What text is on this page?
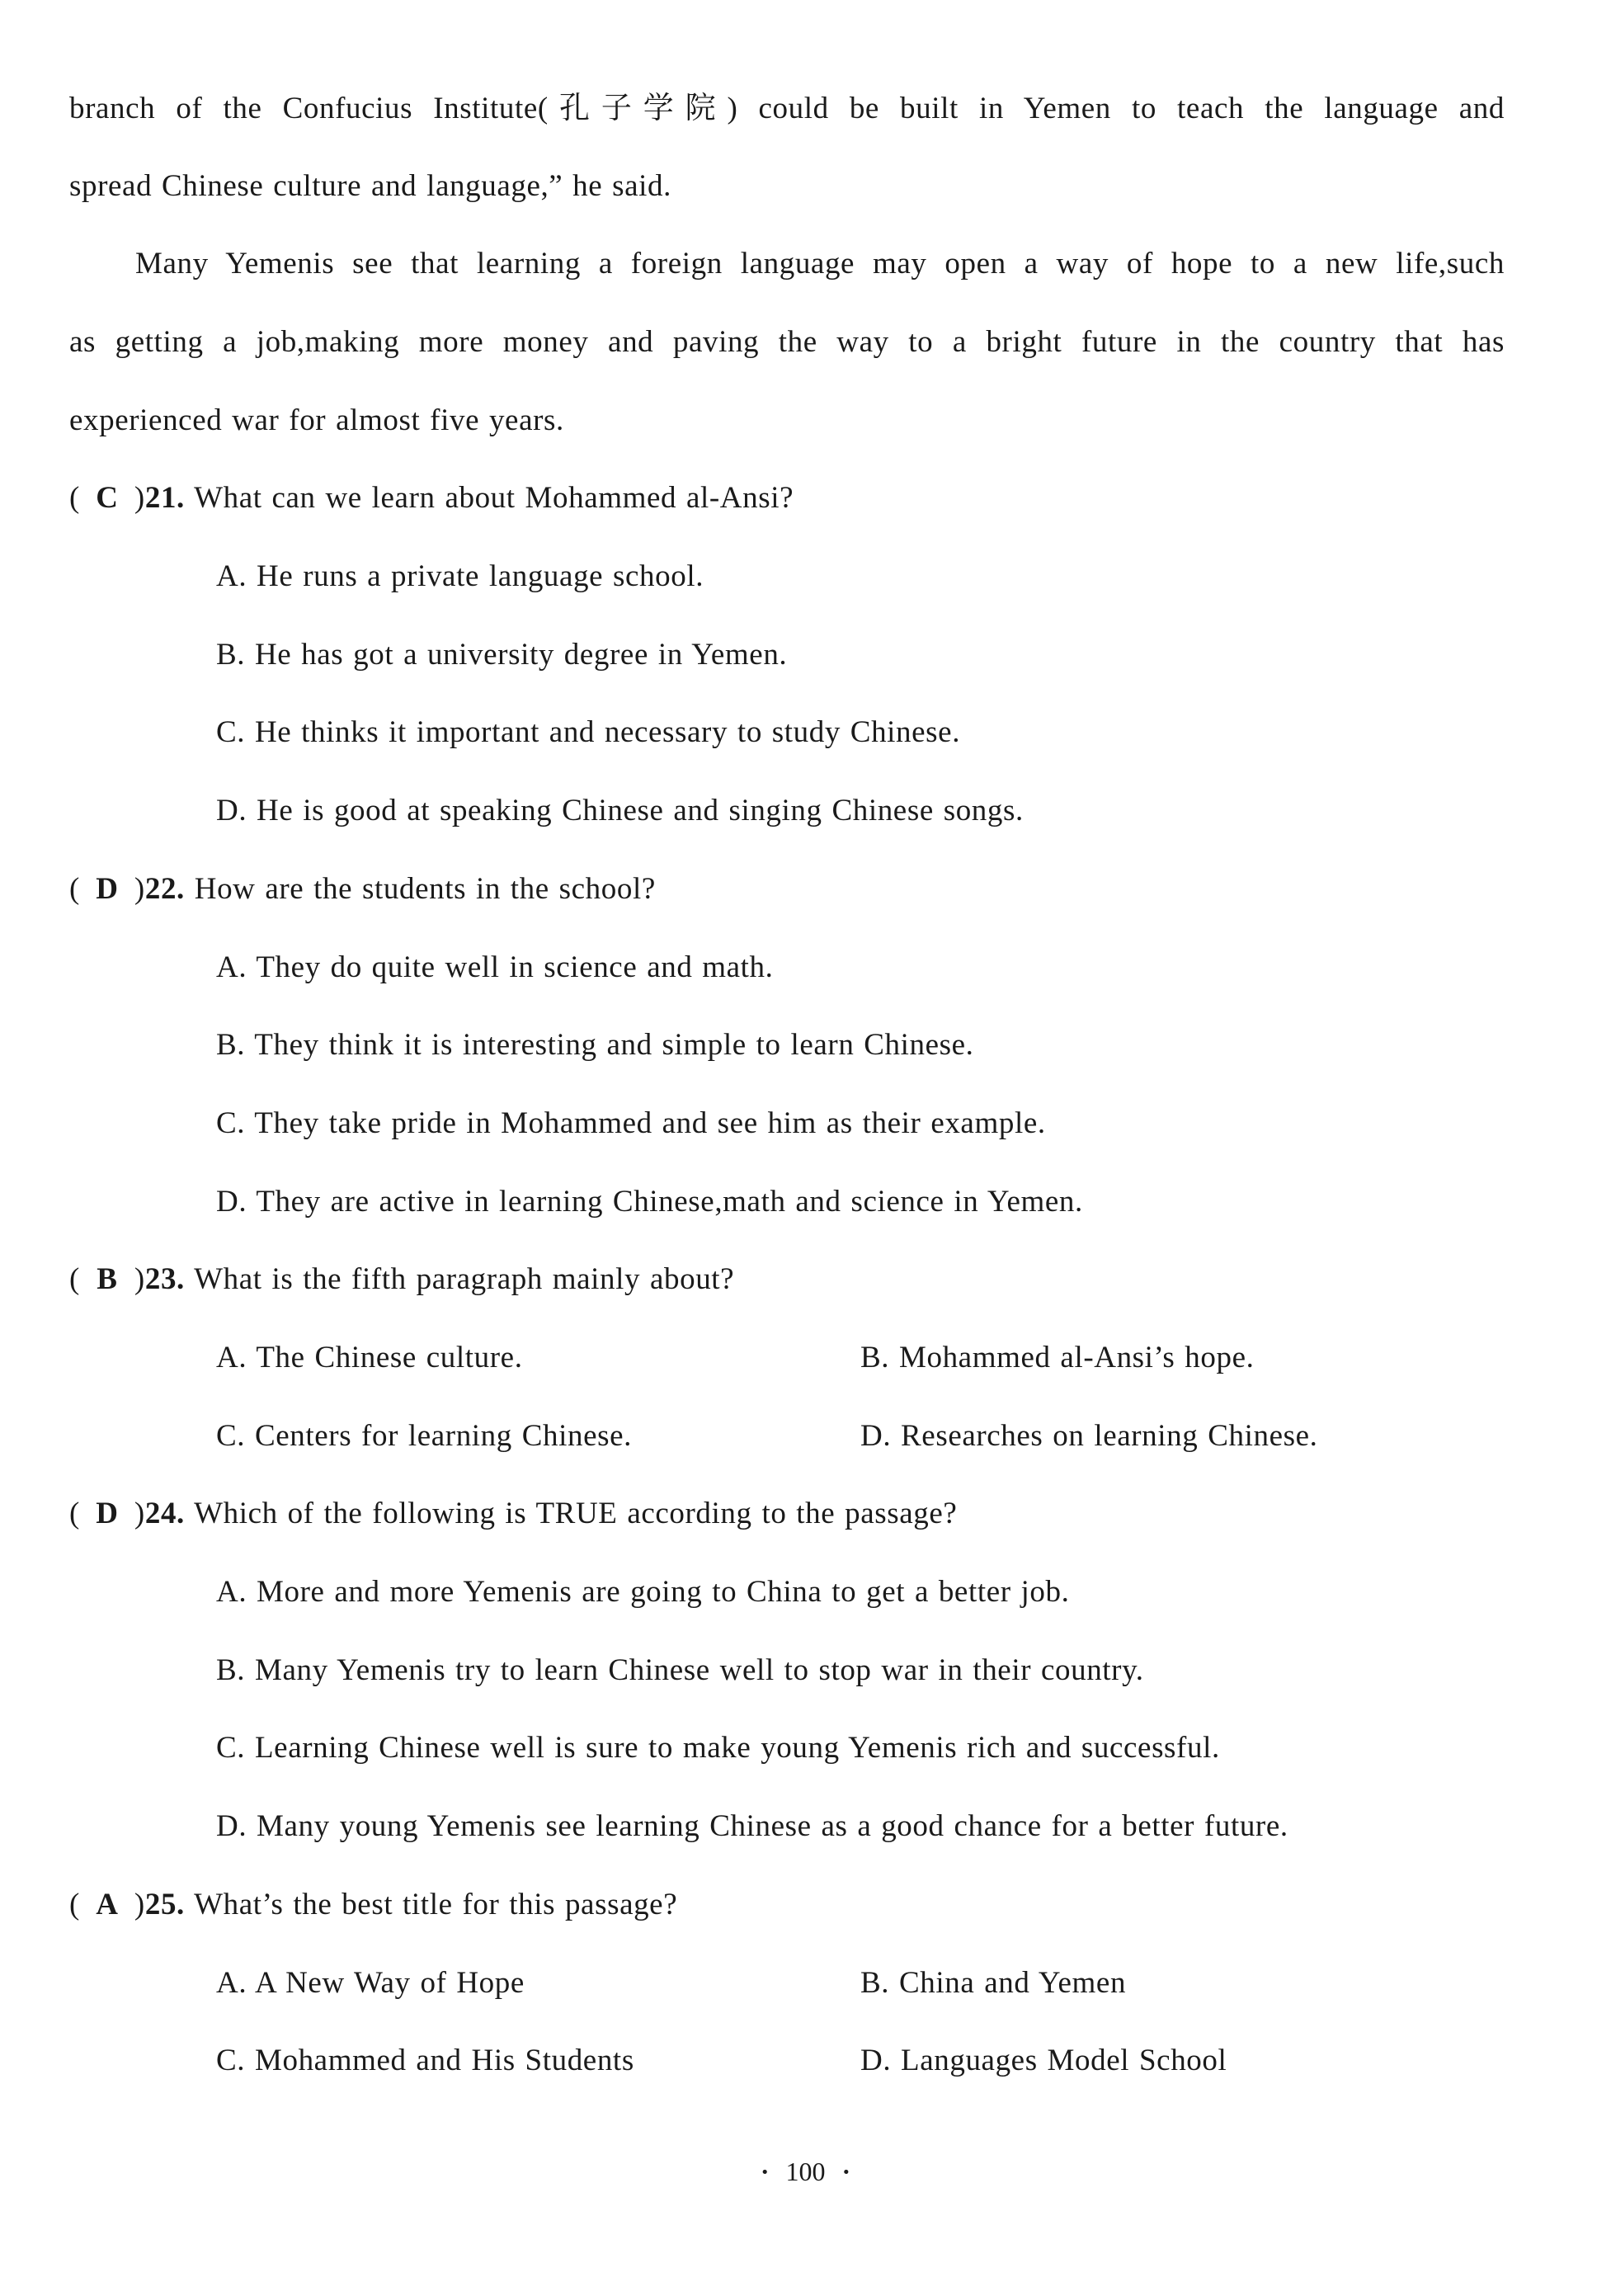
branch of the Confucius Institute(孔子学院) could be built in Yemen to teach the language and
spread Chinese culture and language,” he said.
Many Yemenis see that learning a foreign language may open a way of hope to a new life,such
as getting a job,making more money and paving the way to a bright future in the country that has
experienced war for almost five years.
( C )21. What can we learn about Mohammed al-Ansi?
A. He runs a private language school.
B. He has got a university degree in Yemen.
C. He thinks it important and necessary to study Chinese.
D. He is good at speaking Chinese and singing Chinese songs.
( D )22. How are the students in the school?
A. They do quite well in science and math.
B. They think it is interesting and simple to learn Chinese.
C. They take pride in Mohammed and see him as their example.
D. They are active in learning Chinese,math and science in Yemen.
( B )23. What is the fifth paragraph mainly about?
A. The Chinese culture.	B. Mohammed al-Ansi’s hope.
C. Centers for learning Chinese.	D. Researches on learning Chinese.
( D )24. Which of the following is TRUE according to the passage?
A. More and more Yemenis are going to China to get a better job.
B. Many Yemenis try to learn Chinese well to stop war in their country.
C. Learning Chinese well is sure to make young Yemenis rich and successful.
D. Many young Yemenis see learning Chinese as a good chance for a better future.
( A )25. What’s the best title for this passage?
A. A New Way of Hope	B. China and Yemen
C. Mohammed and His Students	D. Languages Model School
· 100 ·
